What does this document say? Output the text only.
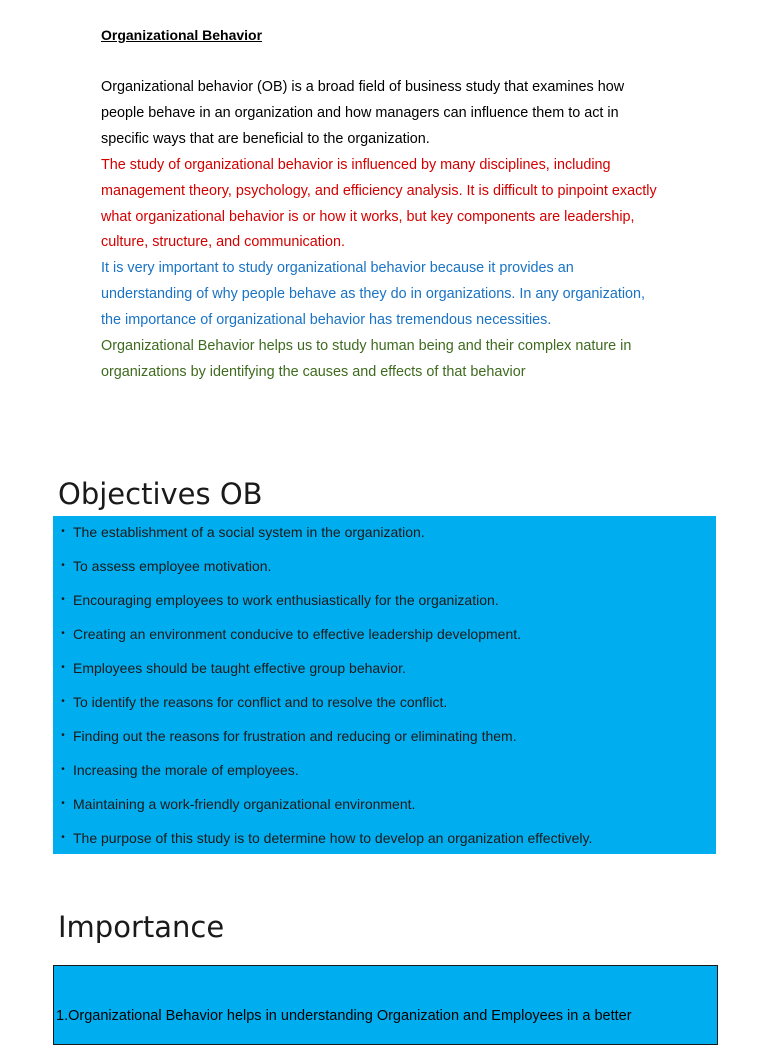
Organizational Behavior

Organizational behavior (OB) is a broad field of business study that examines how

people behave in an organization and how managers can influence them to act in

specific ways that are beneficial to the organization.

The study of organizational behavior is influenced by many disciplines, including

management theory, psychology, and efficiency analysis. It is difficult to pinpoint exactly

what organizational behavior is or how it works, but key components are leadership,

culture, structure, and communication.

It is very important to study organizational behavior because it provides an

understanding of why people behave as they do in organizations. In any organization,

the importance of organizational behavior has tremendous necessities.

Organizational Behavior helps us to study human being and their complex nature in

organizations by identifying the causes and effects of that behavior

Objectives OB
• The establishment of a social system in the organization.
• To assess employee motivation.
• Encouraging employees to work enthusiastically for the organization.
• Creating an environment conducive to effective leadership development.
• Employees should be taught effective group behavior.
• To identify the reasons for conflict and to resolve the conflict.
• Finding out the reasons for frustration and reducing or eliminating them.
• Increasing the morale of employees.
• Maintaining a work-friendly organizational environment.
• The purpose of this study is to determine how to develop an organization effectively.
Importance

1.Organizational Behavior helps in understanding Organization and Employees in a better
